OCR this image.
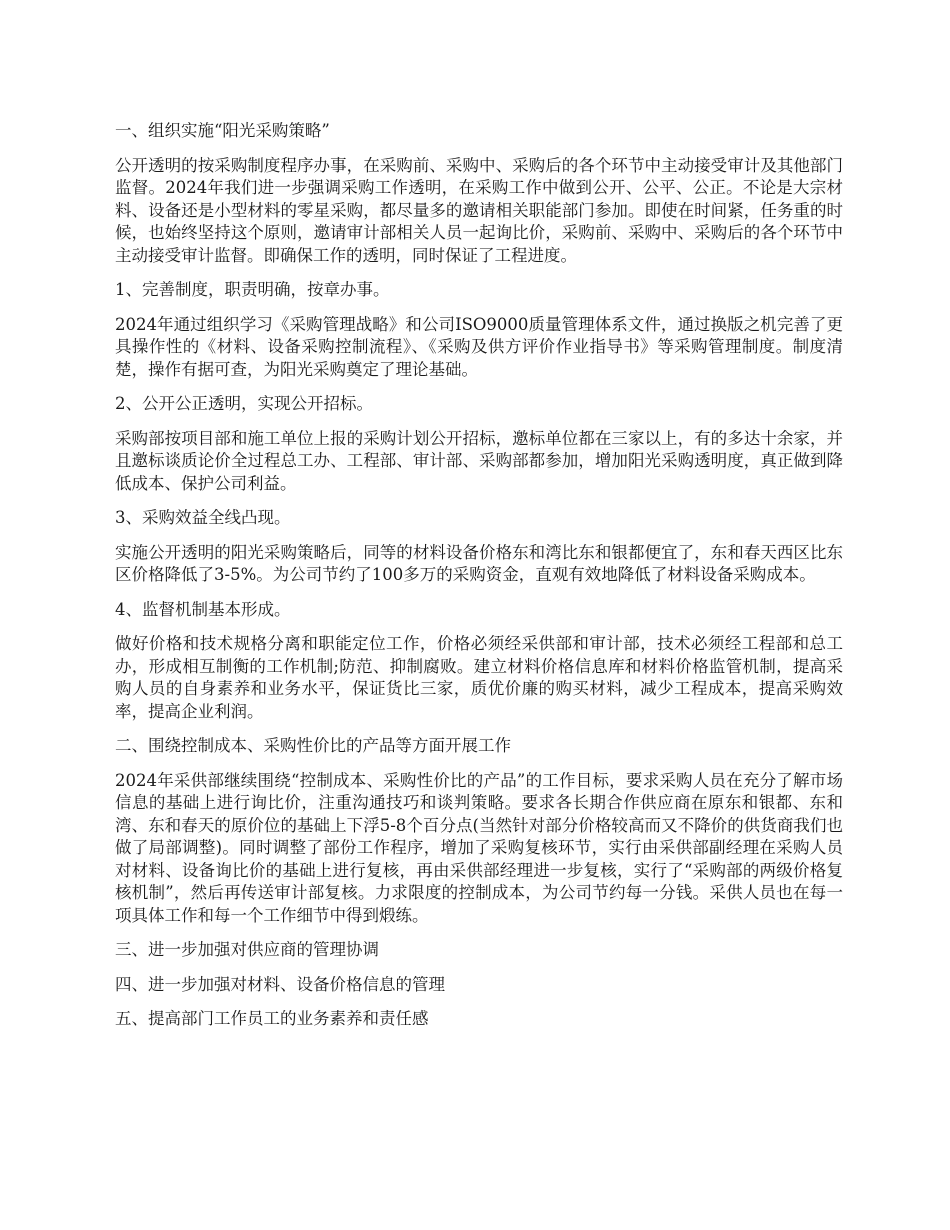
一、组织实施“阳光采购策略”

公开透明的按采购制度程序办事，在采购前、采购中、采购后的各个环节中主动接受审计及其他部门监督。2024年我们进一步强调采购工作透明，在采购工作中做到公开、公平、公正。不论是大宗材料、设备还是小型材料的零星采购，都尽量多的邀请相关职能部门参加。即使在时间紧，任务重的时候，也始终坚持这个原则，邀请审计部相关人员一起询比价，采购前、采购中、采购后的各个环节中主动接受审计监督。即确保工作的透明，同时保证了工程进度。

1、完善制度，职责明确，按章办事。

2024年通过组织学习《采购管理战略》和公司ISO9000质量管理体系文件，通过换版之机完善了更具操作性的《材料、设备采购控制流程》、《采购及供方评价作业指导书》等采购管理制度。制度清楚，操作有据可查，为阳光采购奠定了理论基础。

2、公开公正透明，实现公开招标。

采购部按项目部和施工单位上报的采购计划公开招标，邀标单位都在三家以上，有的多达十余家，并且邀标谈质论价全过程总工办、工程部、审计部、采购部都参加，增加阳光采购透明度，真正做到降低成本、保护公司利益。

3、采购效益全线凸现。

实施公开透明的阳光采购策略后，同等的材料设备价格东和湾比东和银都便宜了，东和春天西区比东区价格降低了3-5%。为公司节约了100多万的采购资金，直观有效地降低了材料设备采购成本。

4、监督机制基本形成。

做好价格和技术规格分离和职能定位工作，价格必须经采供部和审计部，技术必须经工程部和总工办，形成相互制衡的工作机制;防范、抑制腐败。建立材料价格信息库和材料价格监管机制，提高采购人员的自身素养和业务水平，保证货比三家，质优价廉的购买材料，减少工程成本，提高采购效率，提高企业利润。

二、围绕控制成本、采购性价比的产品等方面开展工作

2024年采供部继续围绕“控制成本、采购性价比的产品”的工作目标，要求采购人员在充分了解市场信息的基础上进行询比价，注重沟通技巧和谈判策略。要求各长期合作供应商在原东和银都、东和湾、东和春天的原价位的基础上下浮5-8个百分点(当然针对部分价格较高而又不降价的供货商我们也做了局部调整)。同时调整了部份工作程序，增加了采购复核环节，实行由采供部副经理在采购人员对材料、设备询比价的基础上进行复核，再由采供部经理进一步复核，实行了“采购部的两级价格复核机制”，然后再传送审计部复核。力求限度的控制成本，为公司节约每一分钱。采供人员也在每一项具体工作和每一个工作细节中得到煅练。

三、进一步加强对供应商的管理协调

四、进一步加强对材料、设备价格信息的管理

五、提高部门工作员工的业务素养和责任感
